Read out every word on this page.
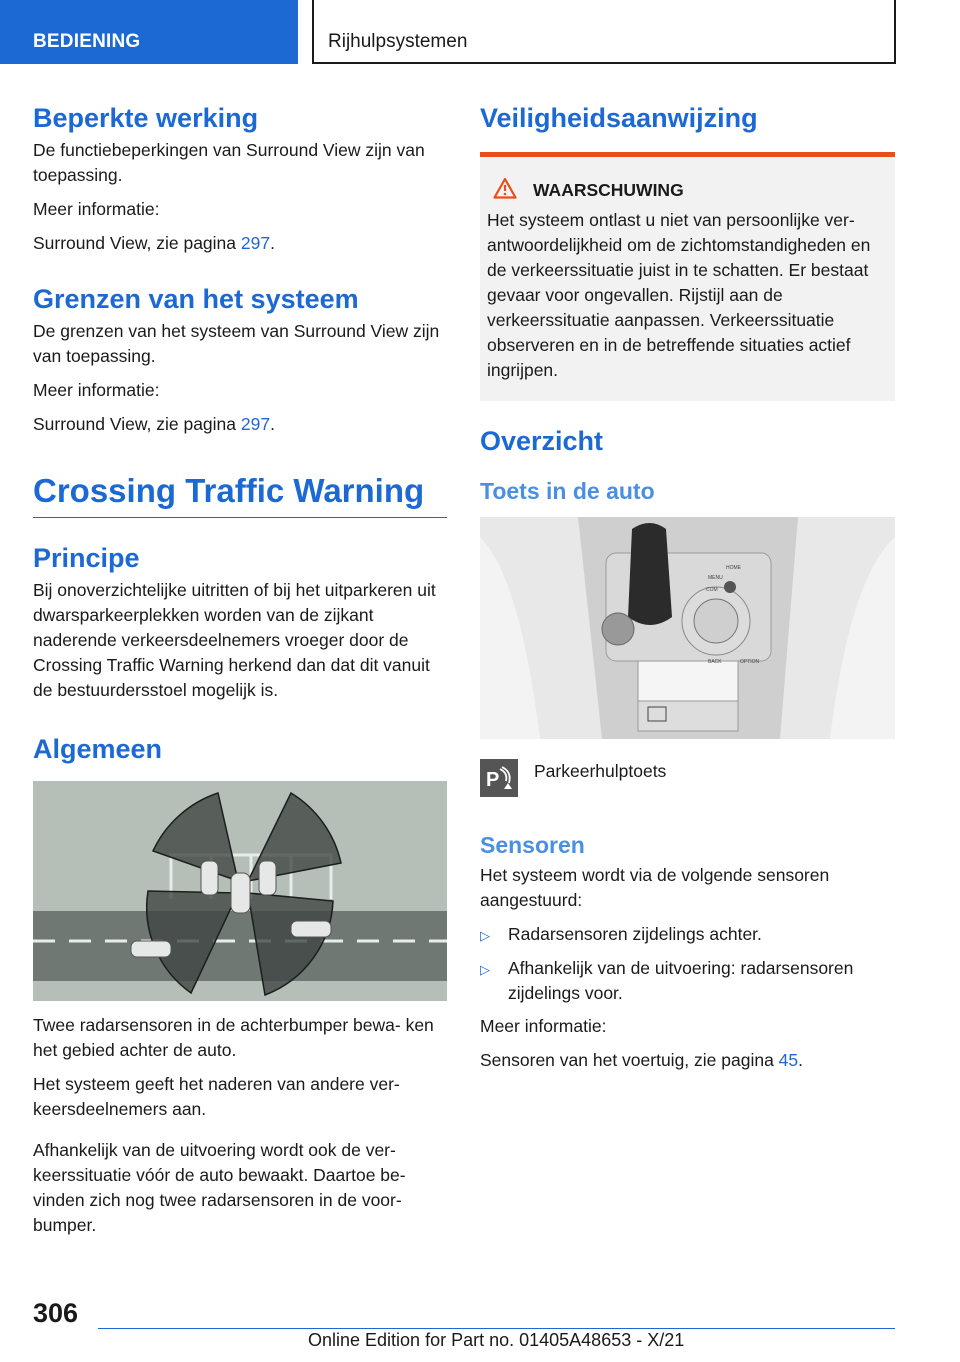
BEDIENING	Rijhulpsystemen
Beperkte werking

De functiebeperkingen van Surround View zijn van toepassing.

Meer informatie:

Surround View, zie pagina 297.

Grenzen van het systeem

De grenzen van het systeem van Surround View zijn van toepassing.

Meer informatie:

Surround View, zie pagina 297.

Crossing Traffic Warning
Principe

Bij onoverzichtelijke uitritten of bij het uitparkeren uit dwarsparkeerplekken worden van de zijkant naderende verkeersdeelnemers vroeger door de Crossing Traffic Warning herkend dan dat dit vanuit de bestuurdersstoel mogelijk is.

Algemeen

Twee radarsensoren in de achterbumper bewa- ken het gebied achter de auto.

Het systeem geeft het naderen van andere ver- keersdeelnemers aan.

Afhankelijk van de uitvoering wordt ook de ver- keerssituatie vóór de auto bewaakt. Daartoe be- vinden zich nog twee radarsensoren in de voor- bumper.

Veiligheidsaanwijzing
WAARSCHUWING

Het systeem ontlast u niet van persoonlijke ver- antwoordelijkheid om de zichtomstandigheden en de verkeerssituatie juist in te schatten. Er bestaat gevaar voor ongevallen. Rijstijl aan de verkeerssituatie aanpassen. Verkeerssituatie observeren en in de betreffende situaties actief ingrijpen.

Overzicht
Toets in de auto
MENU
HOME
COM
BACK	OPTION
P Parkeerhulptoets

Sensoren

Het systeem wordt via de volgende sensoren aangestuurd:

▷	Radarsensoren zijdelings achter.
▷	Afhankelijk van de uitvoering: radarsensoren zijdelings voor.

Meer informatie:

Sensoren van het voertuig, zie pagina 45.

306
Online Edition for Part no. 01405A48653 - X/21
